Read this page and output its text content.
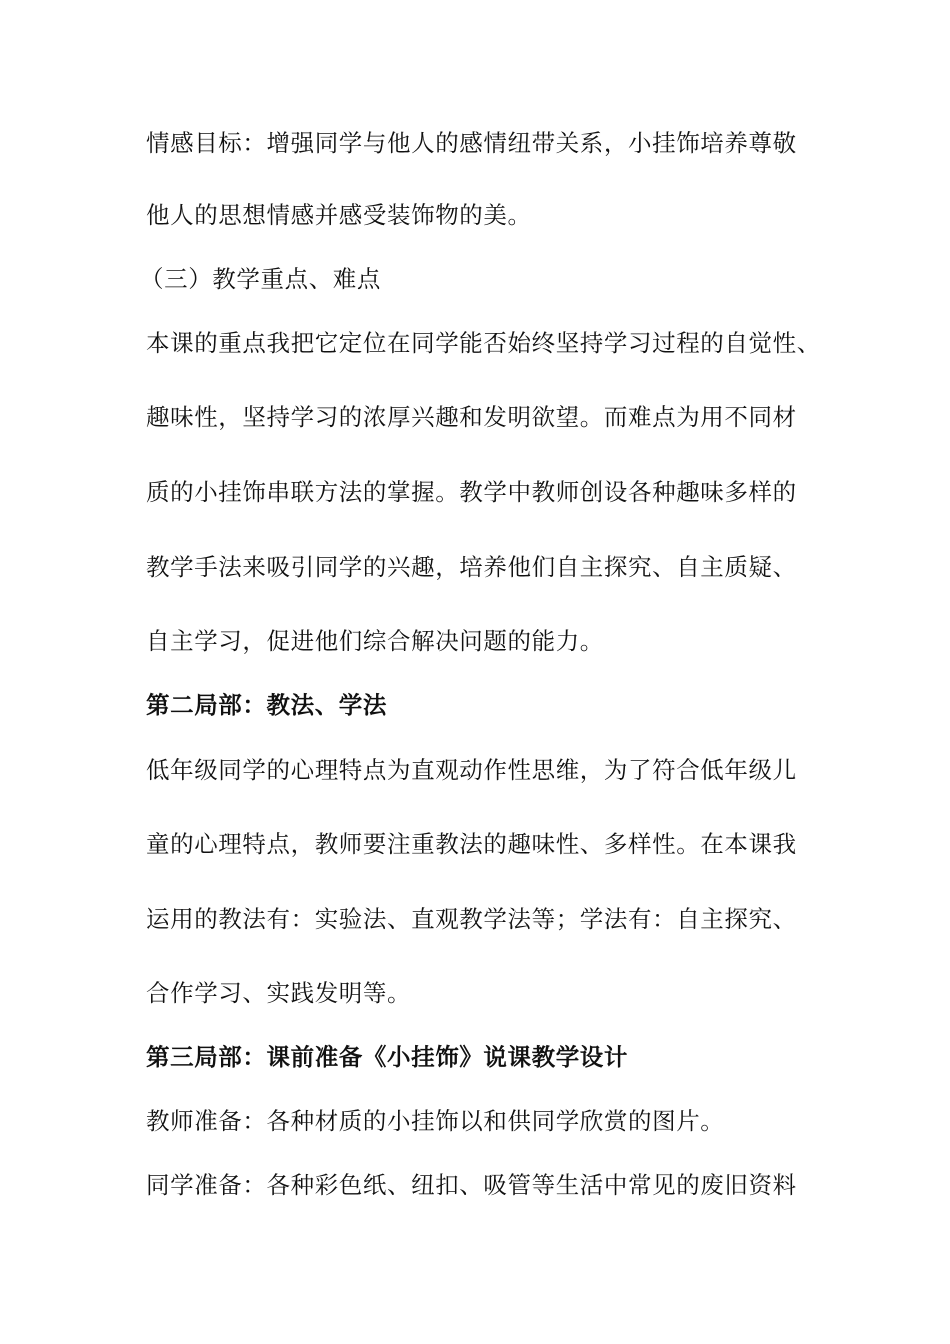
情感目标：增强同学与他人的感情纽带关系，小挂饰培养尊敬
他人的思想情感并感受装饰物的美。
（三）教学重点、难点
本课的重点我把它定位在同学能否始终坚持学习过程的自觉性、
趣味性，坚持学习的浓厚兴趣和发明欲望。而难点为用不同材
质的小挂饰串联方法的掌握。教学中教师创设各种趣味多样的
教学手法来吸引同学的兴趣，培养他们自主探究、自主质疑、
自主学习，促进他们综合解决问题的能力。
第二局部：教法、学法
低年级同学的心理特点为直观动作性思维，为了符合低年级儿
童的心理特点，教师要注重教法的趣味性、多样性。在本课我
运用的教法有：实验法、直观教学法等；学法有：自主探究、
合作学习、实践发明等。
第三局部：课前准备《小挂饰》说课教学设计
教师准备：各种材质的小挂饰以和供同学欣赏的图片。
同学准备：各种彩色纸、纽扣、吸管等生活中常见的废旧资料
